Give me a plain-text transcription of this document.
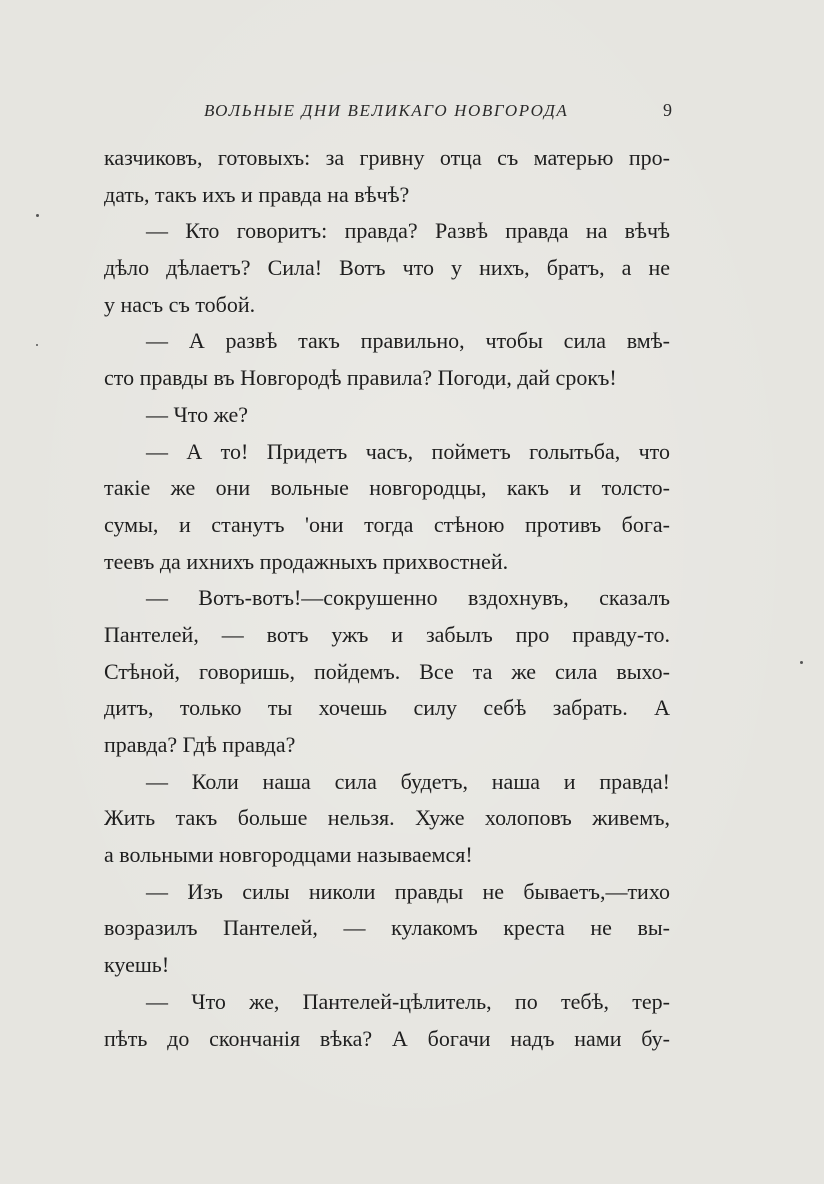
ВОЛЬНЫЕ ДНИ ВЕЛИКАГО НОВГОРОДА	9
казчиковъ, готовыхъ: за гривну отца съ матерью про-
дать, такъ ихъ и правда на вѣчѣ?
— Кто говоритъ: правда? Развѣ правда на вѣчѣ
дѣло дѣлаетъ? Сила! Вотъ что у нихъ, братъ, а не
у насъ съ тобой.
— А развѣ такъ правильно, чтобы сила вмѣ-
сто правды въ Новгородѣ правила? Погоди, дай срокъ!
— Что же?
— А то! Придетъ часъ, пойметъ голытьба, что
такіе же они вольные новгородцы, какъ и толсто-
сумы, и станутъ 'они тогда стѣною противъ бога-
теевъ да ихнихъ продажныхъ прихвостней.
— Вотъ-вотъ!—сокрушенно вздохнувъ, сказалъ
Пантелей, — вотъ ужъ и забылъ про правду-то.
Стѣной, говоришь, пойдемъ. Все та же сила выхо-
дитъ, только ты хочешь силу себѣ забрать. А
правда? Гдѣ правда?
— Коли наша сила будетъ, наша и правда!
Жить такъ больше нельзя. Хуже холоповъ живемъ,
а вольными новгородцами называемся!
— Изъ силы николи правды не бываетъ,—тихо
возразилъ Пантелей, — кулакомъ креста не вы-
куешь!
— Что же, Пантелей-цѣлитель, по тебѣ, тер-
пѣть до скончанія вѣка? А богачи надъ нами бу-
